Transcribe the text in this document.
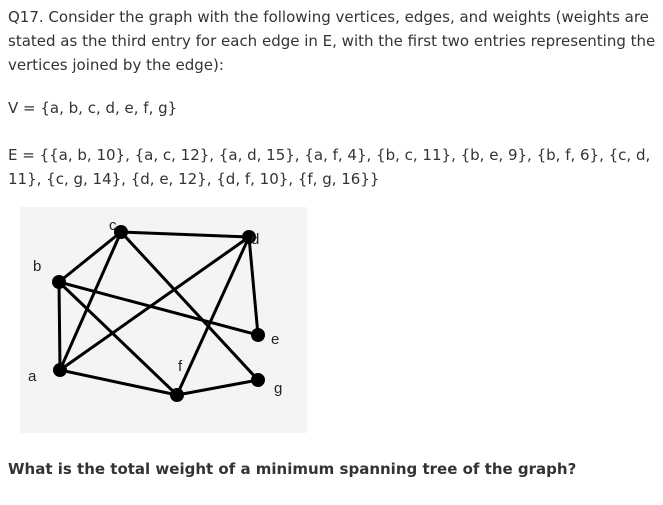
Q17. Consider the graph with the following vertices, edges, and weights (weights are stated as the third entry for each edge in E, with the first two entries representing the vertices joined by the edge):

V = {a, b, c, d, e, f, g}

E = {{a, b, 10}, {a, c, 12}, {a, d, 15}, {a, f, 4}, {b, c, 11}, {b, e, 9}, {b, f, 6}, {c, d, 11}, {c, g, 14}, {d, e, 12}, {d, f, 10}, {f, g, 16}}

a
b
c
d
e
f
g

What is the total weight of a minimum spanning tree of the graph?
